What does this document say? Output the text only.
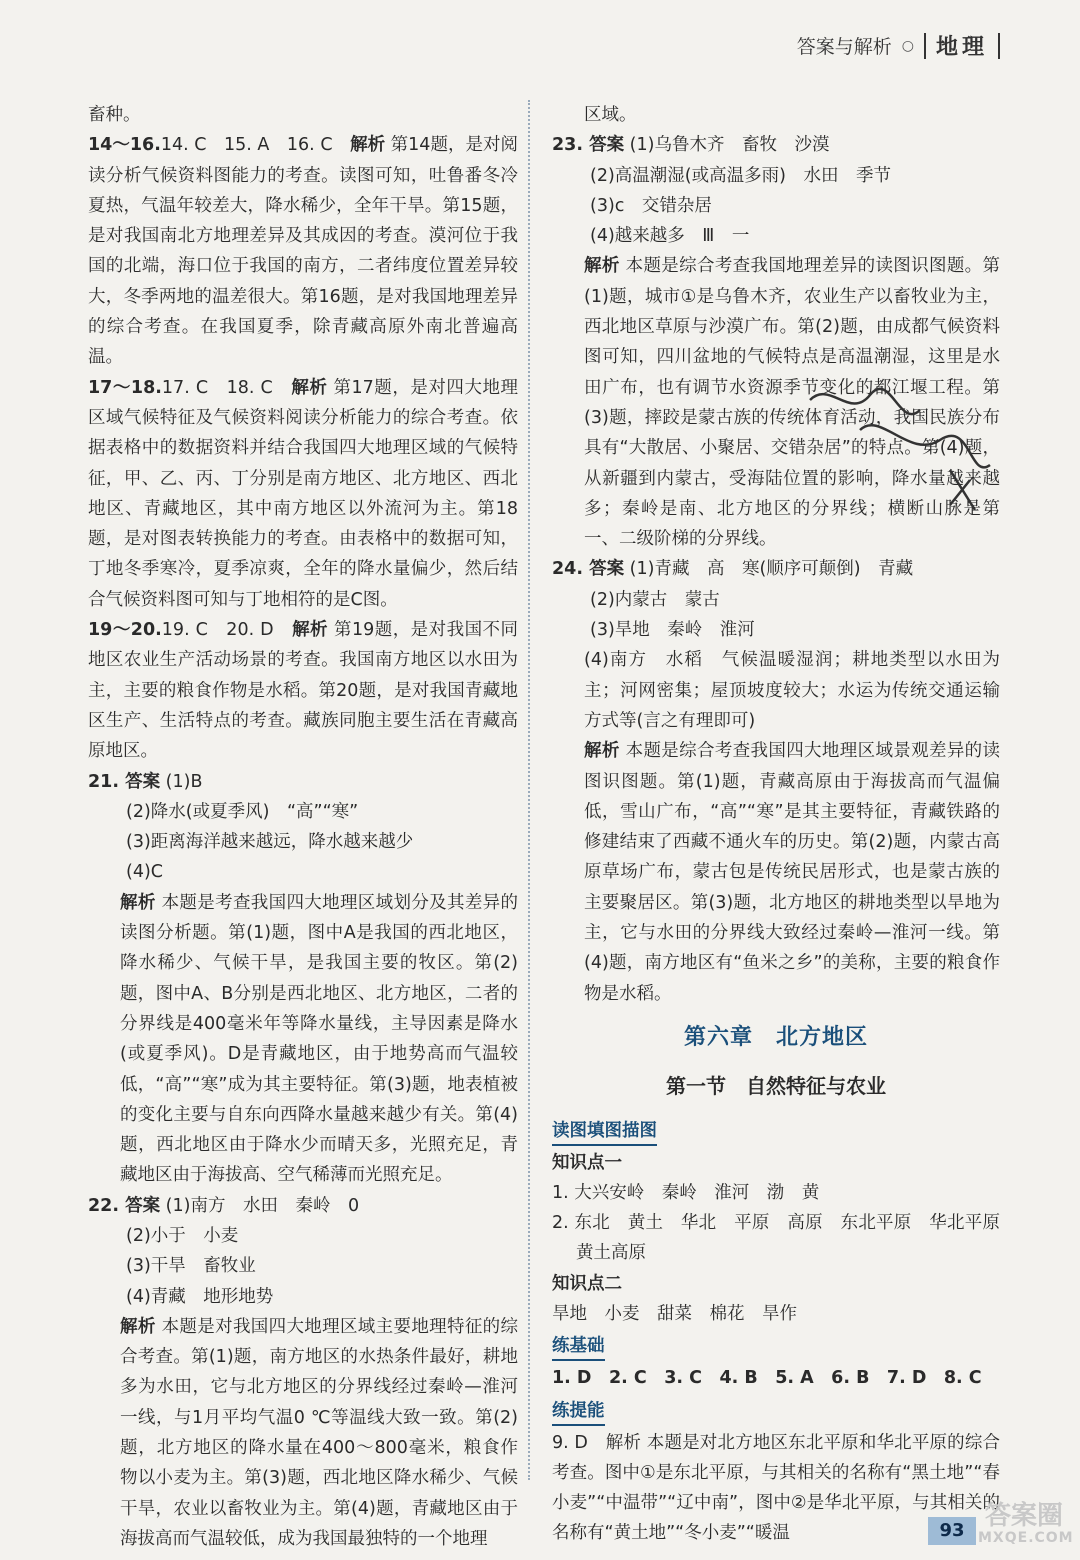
答案与解析 ○ 地理

畜种。

14～16.14. C　15. A　16. C　解析 第14题，是对阅读分析气候资料图能力的考查。读图可知，吐鲁番冬冷夏热，气温年较差大，降水稀少，全年干旱。第15题，是对我国南北方地理差异及其成因的考查。漠河位于我国的北端，海口位于我国的南方，二者纬度位置差异较大，冬季两地的温差很大。第16题，是对我国地理差异的综合考查。在我国夏季，除青藏高原外南北普遍高温。

17～18.17. C　18. C　解析 第17题，是对四大地理区域气候特征及气候资料阅读分析能力的综合考查。依据表格中的数据资料并结合我国四大地理区域的气候特征，甲、乙、丙、丁分别是南方地区、北方地区、西北地区、青藏地区，其中南方地区以外流河为主。第18题，是对图表转换能力的考查。由表格中的数据可知，丁地冬季寒冷，夏季凉爽，全年的降水量偏少，然后结合气候资料图可知与丁地相符的是C图。

19～20.19. C　20. D　解析 第19题，是对我国不同地区农业生产活动场景的考查。我国南方地区以水田为主，主要的粮食作物是水稻。第20题，是对我国青藏地区生产、生活特点的考查。藏族同胞主要生活在青藏高原地区。

21. 答案 (1)B

(2)降水(或夏季风)　“高”“寒”

(3)距离海洋越来越远，降水越来越少

(4)C

解析 本题是考查我国四大地理区域划分及其差异的读图分析题。第(1)题，图中A是我国的西北地区，降水稀少、气候干旱，是我国主要的牧区。第(2)题，图中A、B分别是西北地区、北方地区，二者的分界线是400毫米年等降水量线，主导因素是降水(或夏季风)。D是青藏地区，由于地势高而气温较低，“高”“寒”成为其主要特征。第(3)题，地表植被的变化主要与自东向西降水量越来越少有关。第(4)题，西北地区由于降水少而晴天多，光照充足，青藏地区由于海拔高、空气稀薄而光照充足。

22. 答案 (1)南方　水田　秦岭　0

(2)小于　小麦

(3)干旱　畜牧业

(4)青藏　地形地势

解析 本题是对我国四大地理区域主要地理特征的综合考查。第(1)题，南方地区的水热条件最好，耕地多为水田，它与北方地区的分界线经过秦岭—淮河一线，与1月平均气温0 ℃等温线大致一致。第(2)题，北方地区的降水量在400～800毫米，粮食作物以小麦为主。第(3)题，西北地区降水稀少、气候干旱，农业以畜牧业为主。第(4)题，青藏地区由于海拔高而气温较低，成为我国最独特的一个地理

区域。

23. 答案 (1)乌鲁木齐　畜牧　沙漠

(2)高温潮湿(或高温多雨)　水田　季节

(3)c　交错杂居

(4)越来越多　Ⅲ　一

解析 本题是综合考查我国地理差异的读图识图题。第(1)题，城市①是乌鲁木齐，农业生产以畜牧业为主，西北地区草原与沙漠广布。第(2)题，由成都气候资料图可知，四川盆地的气候特点是高温潮湿，这里是水田广布，也有调节水资源季节变化的都江堰工程。第(3)题，摔跤是蒙古族的传统体育活动，我国民族分布具有“大散居、小聚居、交错杂居”的特点。第(4)题，从新疆到内蒙古，受海陆位置的影响，降水量越来越多；秦岭是南、北方地区的分界线；横断山脉是第一、二级阶梯的分界线。

24. 答案 (1)青藏　高　寒(顺序可颠倒)　青藏

(2)内蒙古　蒙古

(3)旱地　秦岭　淮河

(4)南方　水稻　气候温暖湿润；耕地类型以水田为主；河网密集；屋顶坡度较大；水运为传统交通运输方式等(言之有理即可)

解析 本题是综合考查我国四大地理区域景观差异的读图识图题。第(1)题，青藏高原由于海拔高而气温偏低，雪山广布，“高”“寒”是其主要特征，青藏铁路的修建结束了西藏不通火车的历史。第(2)题，内蒙古高原草场广布，蒙古包是传统民居形式，也是蒙古族的主要聚居区。第(3)题，北方地区的耕地类型以旱地为主，它与水田的分界线大致经过秦岭—淮河一线。第(4)题，南方地区有“鱼米之乡”的美称，主要的粮食作物是水稻。

第六章　北方地区
第一节　自然特征与农业
读图填图描图

知识点一

1. 大兴安岭　秦岭　淮河　渤　黄

2. 东北　黄土　华北　平原　高原　东北平原　华北平原　黄土高原

知识点二

旱地　小麦　甜菜　棉花　旱作

练基础

1. D　2. C　3. C　4. B　5. A　6. B　7. D　8. C

练提能

9. D　解析 本题是对北方地区东北平原和华北平原的综合考查。图中①是东北平原，与其相关的名称有“黑土地”“春小麦”“中温带”“辽中南”，图中②是华北平原，与其相关的名称有“黄土地”“冬小麦”“暖温	93 答案圈
MXQE.COM
